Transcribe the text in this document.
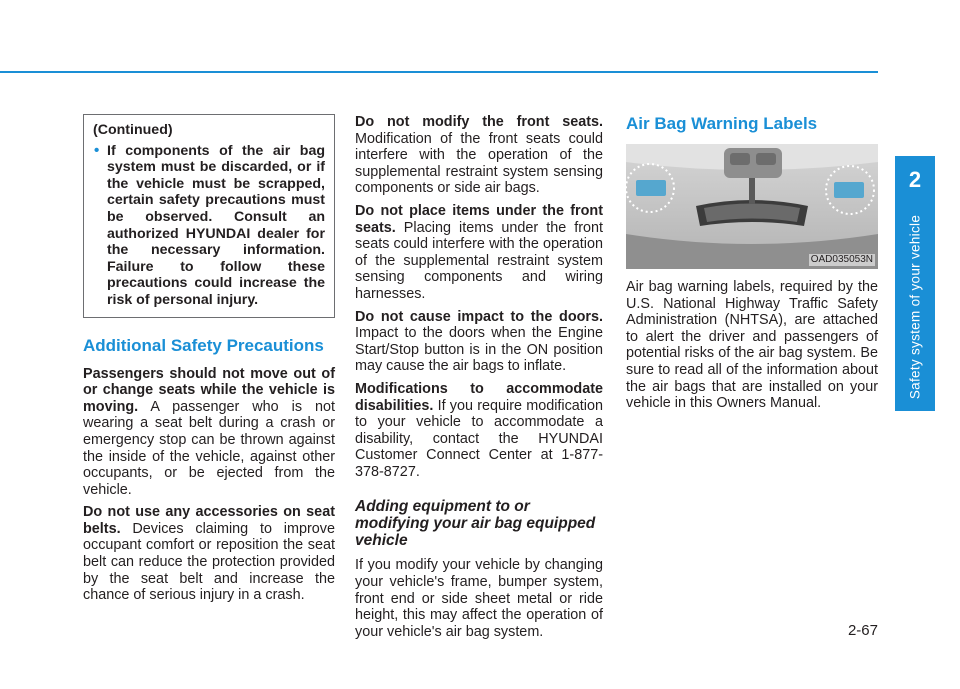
(Continued)

• If components of the air bag system must be discarded, or if the vehicle must be scrapped, certain safety precautions must be observed. Consult an authorized HYUNDAI dealer for the necessary information. Failure to follow these precautions could increase the risk of personal injury.
Additional Safety Precautions

Passengers should not move out of or change seats while the vehicle is moving. A passenger who is not wearing a seat belt during a crash or emergency stop can be thrown against the inside of the vehicle, against other occupants, or be ejected from the vehicle.

Do not use any accessories on seat belts. Devices claiming to improve occupant comfort or reposition the seat belt can reduce the protection provided by the seat belt and increase the chance of serious injury in a crash.

Do not modify the front seats. Modification of the front seats could interfere with the operation of the supplemental restraint system sensing components or side air bags.

Do not place items under the front seats. Placing items under the front seats could interfere with the operation of the supplemental restraint system sensing components and wiring harnesses.

Do not cause impact to the doors. Impact to the doors when the Engine Start/Stop button is in the ON position may cause the air bags to inflate.

Modifications to accommodate disabilities. If you require modification to your vehicle to accommodate a disability, contact the HYUNDAI Customer Connect Center at 1-877-378-8727.

Adding equipment to or modifying your air bag equipped vehicle

If you modify your vehicle by changing your vehicle's frame, bumper system, front end or side sheet metal or ride height, this may affect the operation of your vehicle's air bag system.

Air Bag Warning Labels
OAD035053N

Air bag warning labels, required by the U.S. National Highway Traffic Safety Administration (NHTSA), are attached to alert the driver and passengers of potential risks of the air bag system. Be sure to read all of the information about the air bags that are installed on your vehicle in this Owners Manual.

2
Safety system of your vehicle
2-67
